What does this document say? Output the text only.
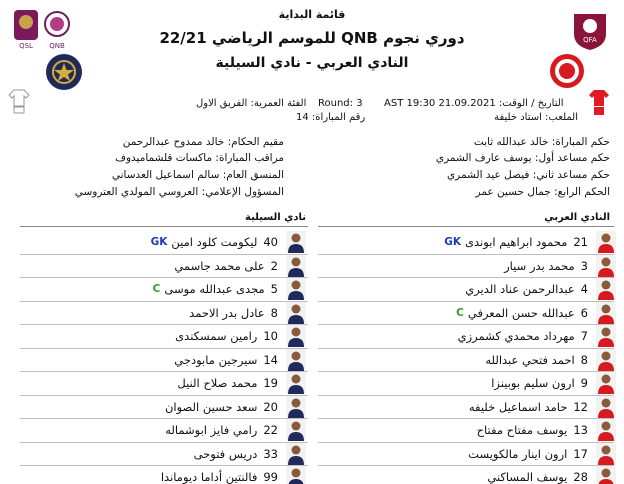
QSL QNB
قائمة البداية
دوري نجوم QNB للموسم الرياضي 22/21
النادي العربي - نادي السيلية
QFA
الفئة العمرية: الفريق الاول Round: 3
رقم المباراة: 14
التاريخ / الوقت: 21.09.2021 AST 19:30
الملعب: استاد خليفة
حكم المباراة: خالد عبدالله ثابت
حكم مساعد أول: يوسف عارف الشمري
حكم مساعد ثاني: فيصل عيد الشمري
الحكم الرابع: جمال حسين عمر
مقيم الحكام: خالد ممدوح عبدالرحمن
مراقب المباراة: ماكسات قلشماميدوف
المنسق العام: سالم اسماعيل العدساني
المسؤول الإعلامي: العروسي المولدي العتروسي
نادي السيلية	النادي العربي
40
ليكومت كلود امين
GK
2
على محمد جاسمي
5
مجدى عبدالله موسى
C
8
عادل بدر الاحمد
10
رامين سمسكندى
14
سيرجين مابودجي
19
محمد صلاح النيل
20
سعد حسين الصوان
22
رامي فايز ابوشماله
33
دريس فتوحى
99
فالنتين أداما ديوماندا
21
محمود ابراهيم ابوندى
GK
3
محمد بدر سيار
4
عبدالرحمن عناد الديري
6
عبدالله حسن المعرفي
C
7
مهرداد محمدي كشمرزي
8
احمد فتحي عبدالله
9
ارون سليم بوبينزا
12
حامد اسماعيل خليفه
13
يوسف مفتاح مفتاح
17
ارون اينار مالكويست
28
يوسف المساكني
